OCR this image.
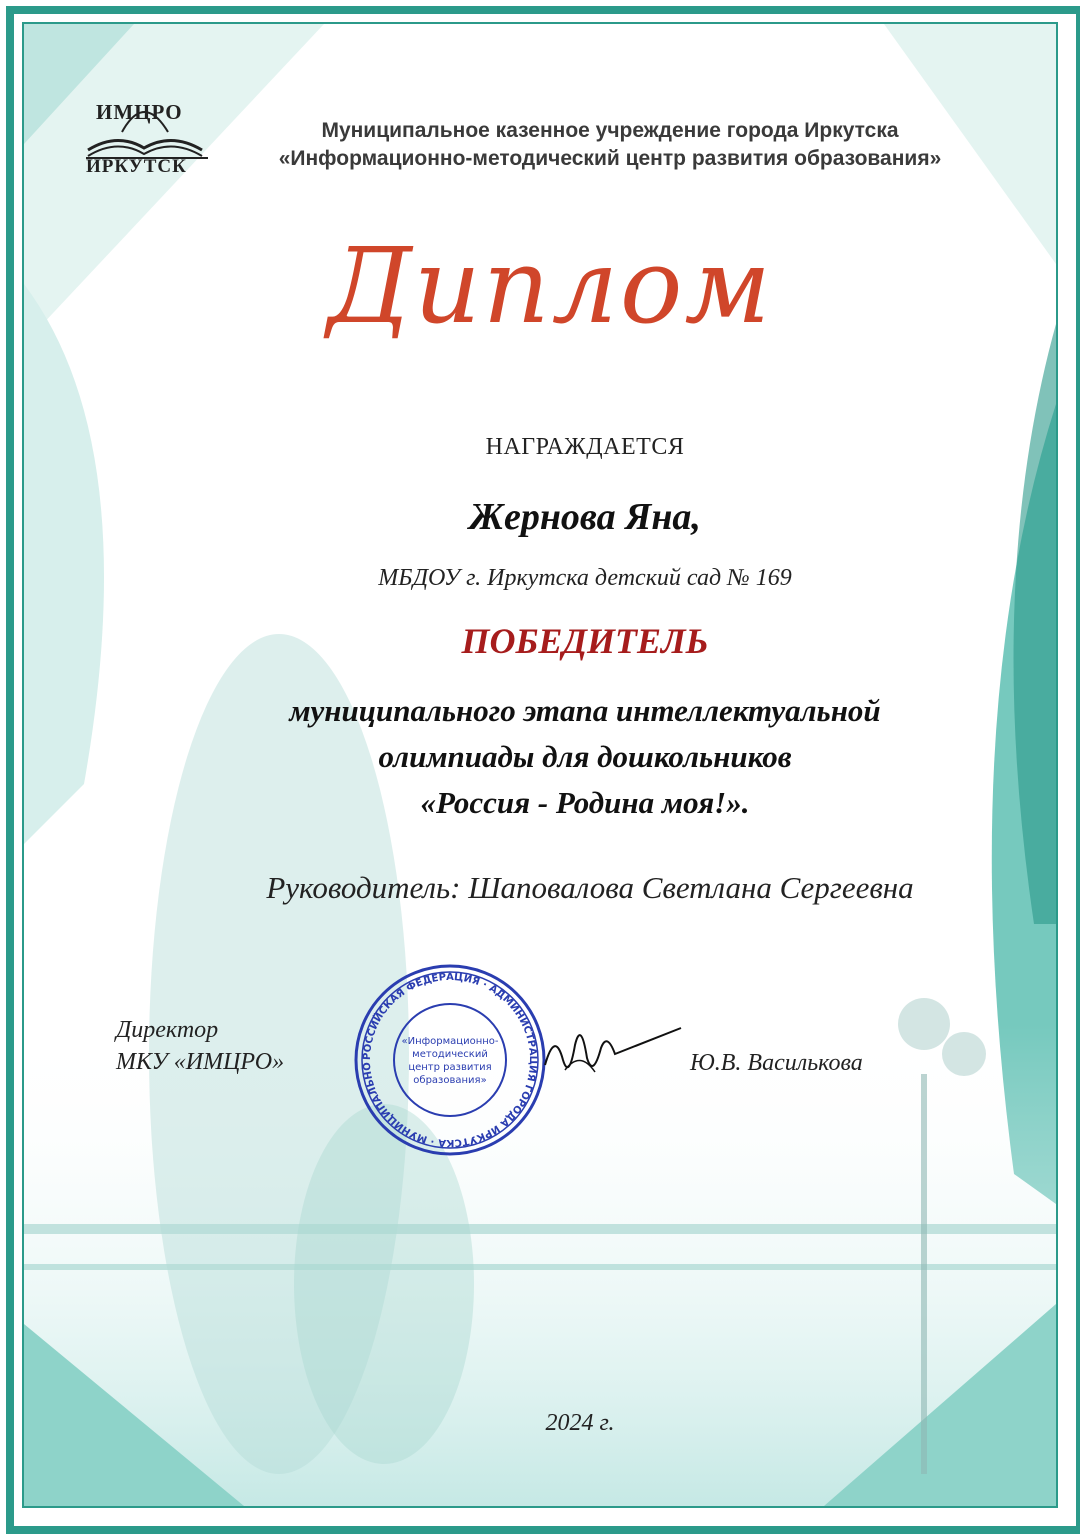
ИМЦРО
ИРКУТСК
Муниципальное казенное учреждение города Иркутска
«Информационно-методический центр развития образования»
Диплом
НАГРАЖДАЕТСЯ
Жернова Яна,
МБДОУ г. Иркутска детский сад № 169
ПОБЕДИТЕЛЬ
муниципального этапа интеллектуальной
олимпиады для дошкольников
«Россия - Родина моя!».
Руководитель: Шаповалова Светлана Сергеевна
Директор
МКУ «ИМЦРО»	РОССИЙСКАЯ ФЕДЕРАЦИЯ · АДМИНИСТРАЦИЯ ГОРОДА ИРКУТСКА · МУНИЦИПАЛЬНО
«Информационно-
методический
центр развития
образования»
Ю.В. Василькова
2024 г.
